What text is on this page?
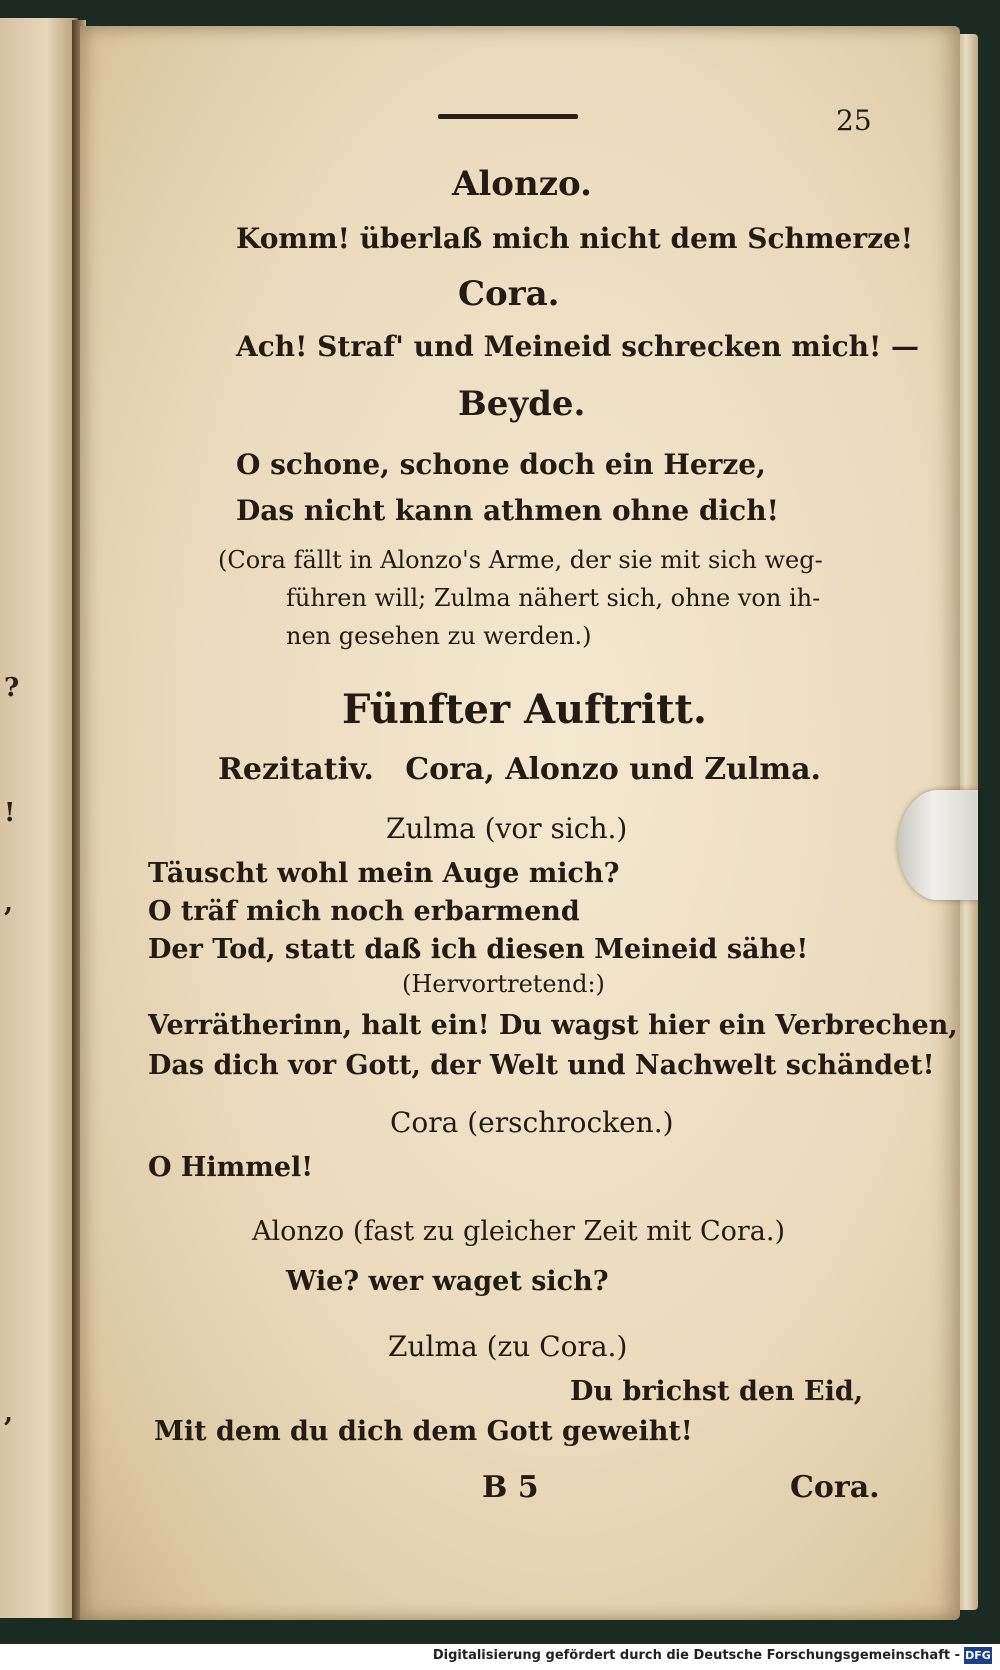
?
!
,
,
25
Alonzo.
Komm! überlaß mich nicht dem Schmerze!
Cora.
Ach! Straf' und Meineid schrecken mich! —
Beyde.
O schone, schone doch ein Herze,
Das nicht kann athmen ohne dich!
(Cora fällt in Alonzo's Arme, der sie mit sich weg-
führen will; Zulma nähert sich, ohne von ih-
nen gesehen zu werden.)
Fünfter Auftritt.
Rezitativ.   Cora, Alonzo und Zulma.
Zulma (vor sich.)
Täuscht wohl mein Auge mich?
O träf mich noch erbarmend
Der Tod, statt daß ich diesen Meineid sähe!
(Hervortretend:)
Verrätherinn, halt ein! Du wagst hier ein Verbrechen,
Das dich vor Gott, der Welt und Nachwelt schändet!
Cora (erschrocken.)
O Himmel!
Alonzo (fast zu gleicher Zeit mit Cora.)
Wie? wer waget sich?
Zulma (zu Cora.)
Du brichst den Eid,
Mit dem du dich dem Gott geweiht!
B 5	Cora.
Digitalisierung gefördert durch die Deutsche Forschungsgemeinschaft - DFG
